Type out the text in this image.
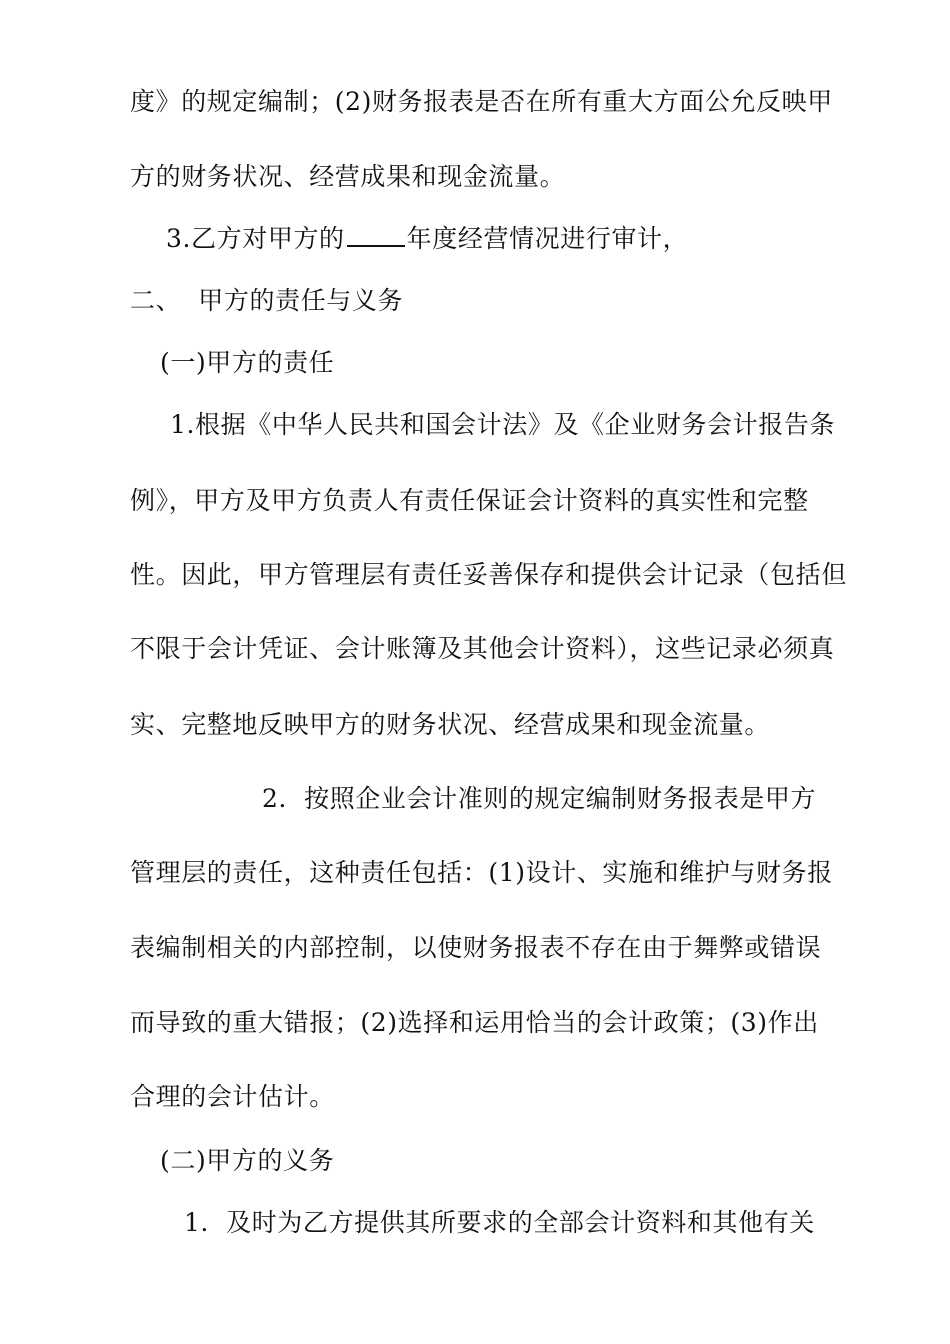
度》的规定编制；(2)财务报表是否在所有重大方面公允反映甲
方的财务状况、经营成果和现金流量。
3.乙方对甲方的 年度经营情况进行审计，
二、  甲方的责任与义务
(一)甲方的责任
1.根据《中华人民共和国会计法》及《企业财务会计报告条
例》，甲方及甲方负责人有责任保证会计资料的真实性和完整
性。因此，甲方管理层有责任妥善保存和提供会计记录（包括但
不限于会计凭证、会计账簿及其他会计资料），这些记录必须真
实、完整地反映甲方的财务状况、经营成果和现金流量。
2．按照企业会计准则的规定编制财务报表是甲方
管理层的责任，这种责任包括：(1)设计、实施和维护与财务报
表编制相关的内部控制，以使财务报表不存在由于舞弊或错误
而导致的重大错报；(2)选择和运用恰当的会计政策；(3)作出
合理的会计估计。
(二)甲方的义务
1．及时为乙方提供其所要求的全部会计资料和其他有关
